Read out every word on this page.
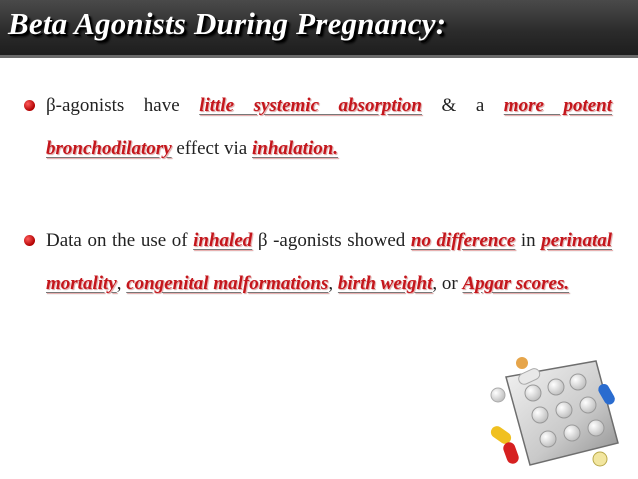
Beta Agonists During Pregnancy:
β-agonists have little systemic absorption & a more potent bronchodilatory effect via inhalation.
Data on the use of inhaled β -agonists showed no difference in perinatal mortality, congenital malformations, birth weight, or Apgar scores.
